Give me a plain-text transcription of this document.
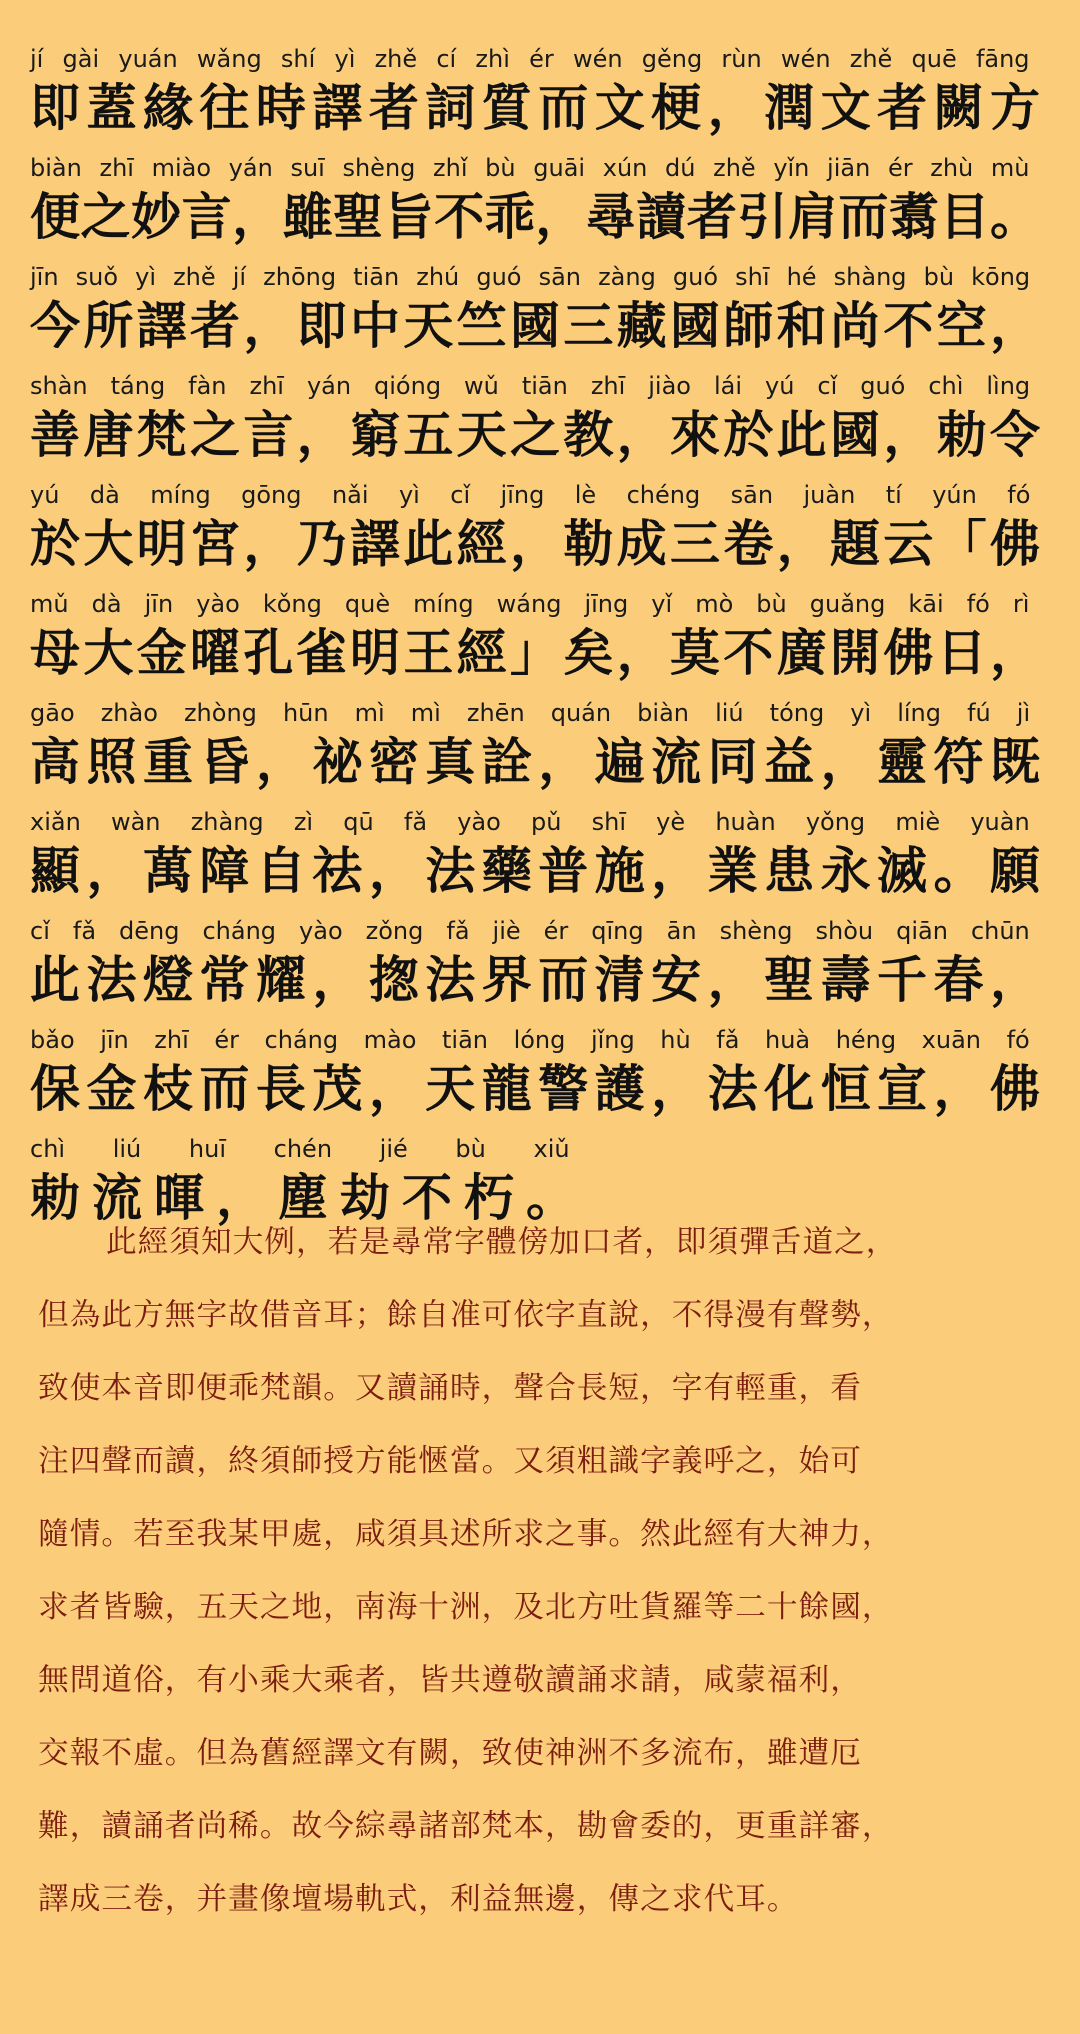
jí gài yuán wǎng shí yì zhě cí zhì ér wén gěng rùn wén zhě quē fāng
即蓋緣往時譯者詞質而文梗，潤文者闕方
biàn zhī miào yán suī shèng zhǐ bù guāi xún dú zhě yǐn jiān ér zhù mù
便之妙言，雖聖旨不乖，尋讀者引肩而翥目。
jīn suǒ yì zhě jí zhōng tiān zhú guó sān zàng guó shī hé shàng bù kōng
今所譯者，即中天竺國三藏國師和尚不空，
shàn táng fàn zhī yán qióng wǔ tiān zhī jiào lái yú cǐ guó chì lìng
善唐梵之言，窮五天之教，來於此國，勅令
yú dà míng gōng nǎi yì cǐ jīng lè chéng sān juàn tí yún fó
於大明宮，乃譯此經，勒成三卷，題云「佛
mǔ dà jīn yào kǒng què míng wáng jīng yǐ mò bù guǎng kāi fó rì
母大金曜孔雀明王經」矣，莫不廣開佛日，
gāo zhào zhòng hūn mì mì zhēn quán biàn liú tóng yì líng fú jì
高照重昏，祕密真詮，遍流同益，靈符既
xiǎn wàn zhàng zì qū fǎ yào pǔ shī yè huàn yǒng miè yuàn
顯，萬障自祛，法藥普施，業患永滅。願
cǐ fǎ dēng cháng yào zǒng fǎ jiè ér qīng ān shèng shòu qiān chūn
此法燈常耀，揔法界而清安，聖壽千春，
bǎo jīn zhī ér cháng mào tiān lóng jǐng hù fǎ huà héng xuān fó
保金枝而長茂，天龍警護，法化恒宣，佛
chì liú huī chén jié bù xiǔ
勅流暉，塵劫不朽。
此經須知大例，若是尋常字體傍加口者，即須彈舌道之，
但為此方無字故借音耳；餘自准可依字直說，不得漫有聲勢，
致使本音即便乖梵韻。又讀誦時，聲合長短，字有輕重，看
注四聲而讀，終須師授方能愜當。又須粗識字義呼之，始可
隨情。若至我某甲處，咸須具述所求之事。然此經有大神力，
求者皆驗，五天之地，南海十洲，及北方吐貨羅等二十餘國，
無問道俗，有小乘大乘者，皆共遵敬讀誦求請，咸蒙福利，
交報不虛。但為舊經譯文有闕，致使神洲不多流布，雖遭厄
難，讀誦者尚稀。故今綜尋諸部梵本，勘會委的，更重詳審，
譯成三卷，并畫像壇場軌式，利益無邊，傳之求代耳。
